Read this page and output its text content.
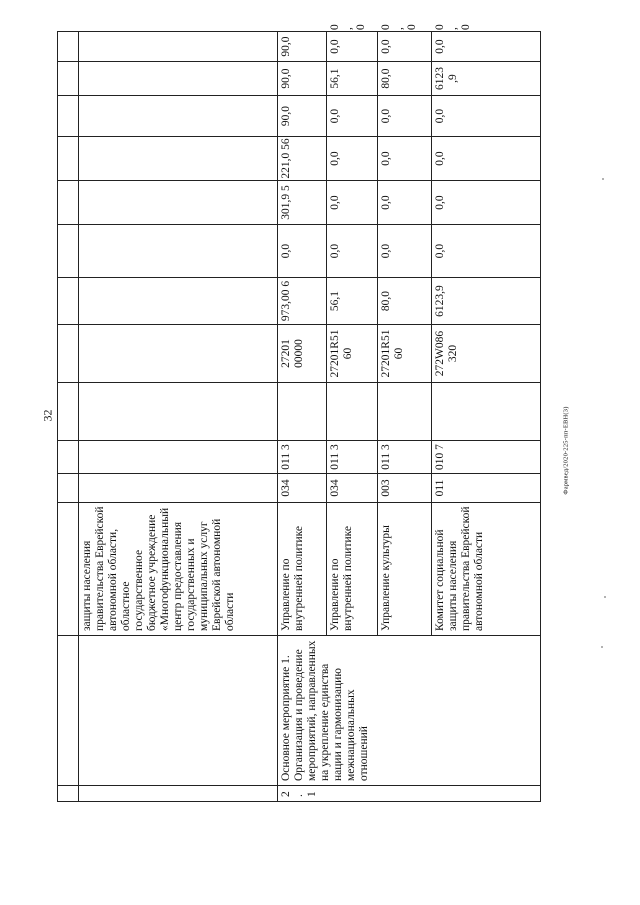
32

		защиты населения правительства Еврейской автономной области, областное государственное бюджетное учреждение «Многофункциональный центр предоставления государственных и муниципальных услуг Еврейской автономной области												
2.1	Основное мероприятие 1. Организация и проведение мероприятий, направленных на укрепление единства нации и гармонизацию межнациональных отношений	Управление по внутренней политике	034	011 3		27201 00000	973,00 6	0,0	301,9 5	221,0 56	90,0	90,0	90,0	
		Управление по внутренней политике	034	011 3		27201R51 60	56,1	0,0	0,0	0,0	0,0	56,1	0,0	0,0
		Управление культуры	003	011 3		27201R51 60	80,0	0,0	0,0	0,0	0,0	80,0	0,0	0,0
		Комитет социальной защиты населения правительства Еврейской автономной области	011	010 7		272W086 320	6123,9	0,0	0,0	0,0	0,0	6123 ,9	0,0	0,0
Фармвед/2020-225-пп-ЕВН(3)
